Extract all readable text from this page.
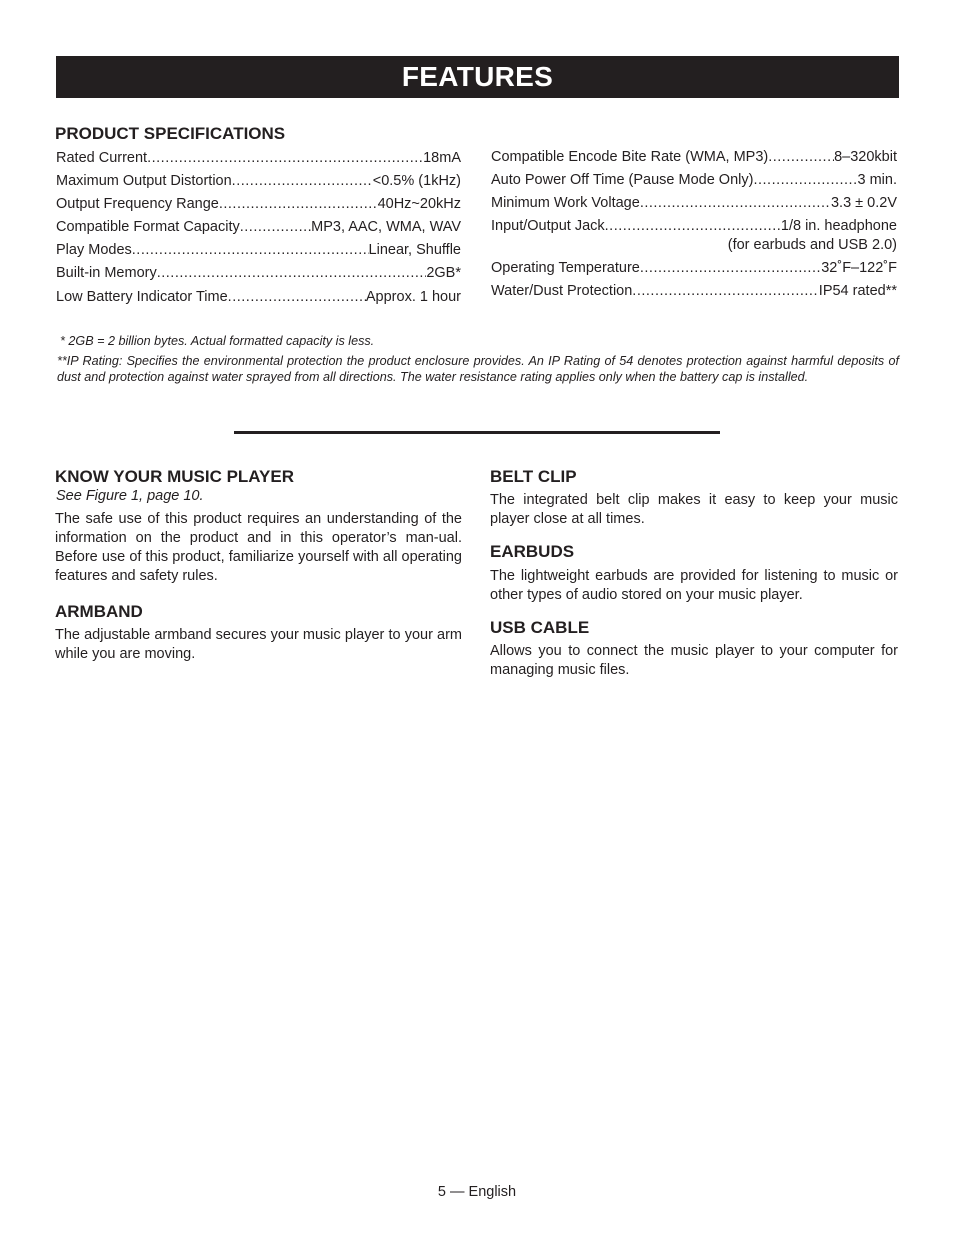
FEATURES
PRODUCT SPECIFICATIONS
Rated Current .....	18mA
Maximum Output Distortion .....	<0.5% (1kHz)
Output Frequency Range .....	40Hz~20kHz
Compatible Format Capacity .....	MP3, AAC, WMA, WAV
Play Modes .....	Linear, Shuffle
Built-in Memory .....	2GB*
Low Battery Indicator Time .....	Approx. 1 hour
Compatible Encode Bite Rate (WMA, MP3) .....	8–320kbit
Auto Power Off Time (Pause Mode Only) .....	3 min.
Minimum Work Voltage .....	3.3 ± 0.2V
Input/Output Jack .....	1/8 in. headphone
(for earbuds and USB 2.0)
Operating Temperature .....	32˚F–122˚F
Water/Dust Protection .....	IP54 rated**
* 2GB = 2 billion bytes. Actual formatted capacity is less.
**IP Rating: Specifies the environmental protection the product enclosure provides. An IP Rating of 54 denotes protection against harmful deposits of dust and protection against water sprayed from all directions. The water resistance rating applies only when the battery cap is installed.
KNOW YOUR MUSIC PLAYER
See Figure 1, page 10.
The safe use of this product requires an understanding of the information on the product and in this operator’s man-ual. Before use of this product, familiarize yourself with all operating features and safety rules.
ARMBAND
The adjustable armband secures your music player to your arm while you are moving.
BELT CLIP
The integrated belt clip makes it easy to keep your music player close at all times.
EARBUDS
The lightweight earbuds are provided for listening to music or other types of audio stored on your music player.
USB CABLE
Allows you to connect the music player to your computer for managing music files.
5 — English
